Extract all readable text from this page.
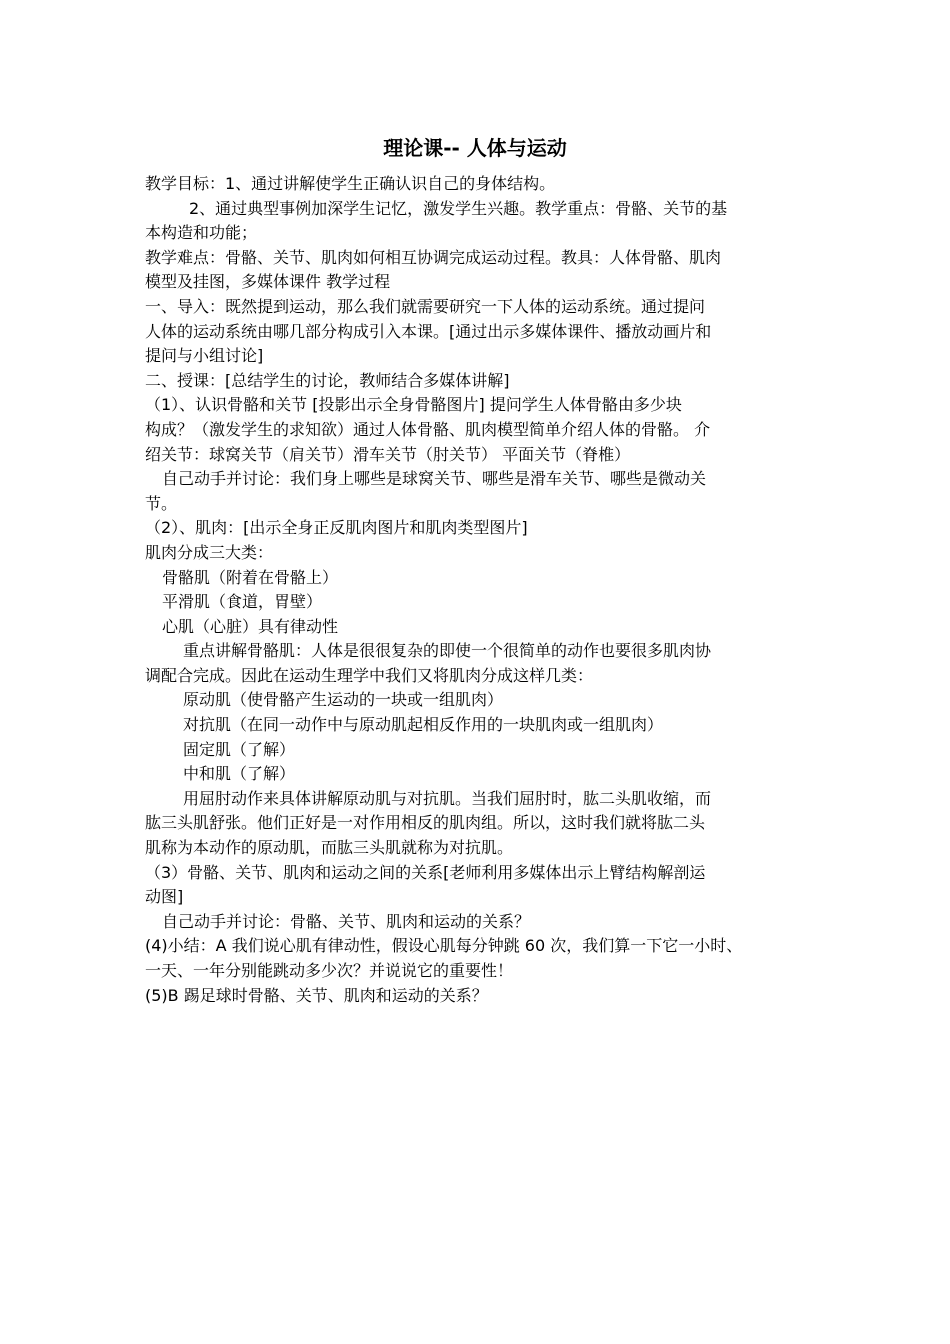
理论课-- 人体与运动
教学目标：1、通过讲解使学生正确认识自己的身体结构。
2、通过典型事例加深学生记忆，激发学生兴趣。教学重点：骨骼、关节的基
本构造和功能；
教学难点：骨骼、关节、肌肉如何相互协调完成运动过程。教具：人体骨骼、肌肉
模型及挂图，多媒体课件 教学过程
一、导入：既然提到运动，那么我们就需要研究一下人体的运动系统。通过提问
人体的运动系统由哪几部分构成引入本课。[通过出示多媒体课件、播放动画片和
提问与小组讨论]
二、授课：[总结学生的讨论，教师结合多媒体讲解]
（1）、认识骨骼和关节 [投影出示全身骨骼图片] 提问学生人体骨骼由多少块
构成？（激发学生的求知欲）通过人体骨骼、肌肉模型简单介绍人体的骨骼。 介
绍关节：球窝关节（肩关节）滑车关节（肘关节） 平面关节（脊椎）
自己动手并讨论：我们身上哪些是球窝关节、哪些是滑车关节、哪些是微动关
节。
（2）、肌肉：[出示全身正反肌肉图片和肌肉类型图片]
肌肉分成三大类：
骨骼肌（附着在骨骼上）
平滑肌（食道，胃壁）
心肌（心脏）具有律动性
重点讲解骨骼肌：人体是很很复杂的即使一个很简单的动作也要很多肌肉协
调配合完成。因此在运动生理学中我们又将肌肉分成这样几类：
原动肌（使骨骼产生运动的一块或一组肌肉）
对抗肌（在同一动作中与原动肌起相反作用的一块肌肉或一组肌肉）
固定肌（了解）
中和肌（了解）
用屈肘动作来具体讲解原动肌与对抗肌。当我们屈肘时，肱二头肌收缩，而
肱三头肌舒张。他们正好是一对作用相反的肌肉组。所以，这时我们就将肱二头
肌称为本动作的原动肌，而肱三头肌就称为对抗肌。
（3）骨骼、关节、肌肉和运动之间的关系[老师利用多媒体出示上臂结构解剖运
动图]
自己动手并讨论：骨骼、关节、肌肉和运动的关系？
(4)小结：A 我们说心肌有律动性，假设心肌每分钟跳 60 次，我们算一下它一小时、
一天、一年分别能跳动多少次？并说说它的重要性！
(5)B 踢足球时骨骼、关节、肌肉和运动的关系？
